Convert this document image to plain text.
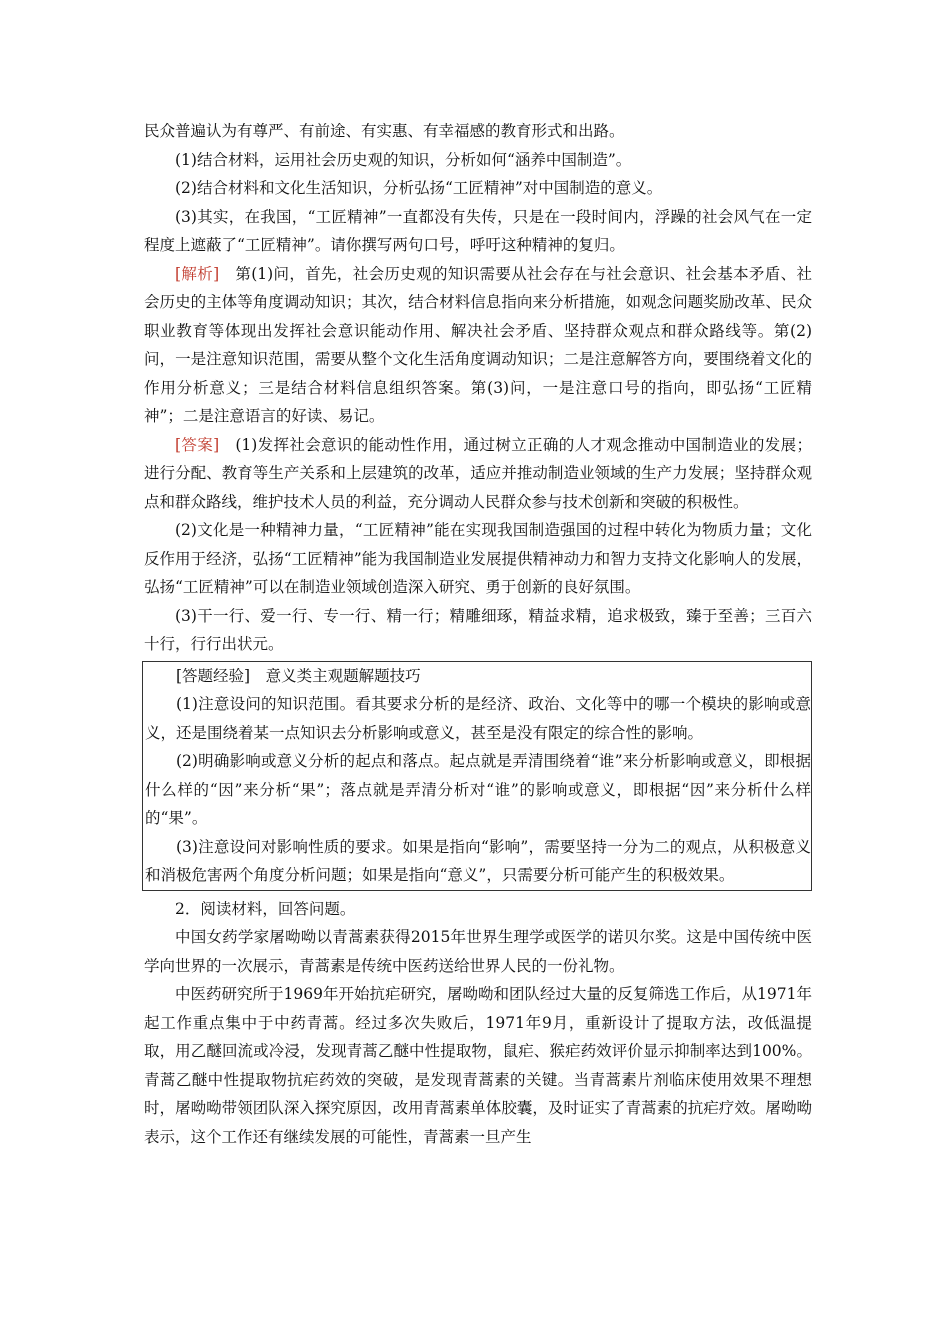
民众普遍认为有尊严、有前途、有实惠、有幸福感的教育形式和出路。

(1)结合材料，运用社会历史观的知识，分析如何“涵养中国制造”。

(2)结合材料和文化生活知识，分析弘扬“工匠精神”对中国制造的意义。

(3)其实，在我国，“工匠精神”一直都没有失传，只是在一段时间内，浮躁的社会风气在一定程度上遮蔽了“工匠精神”。请你撰写两句口号，呼吁这种精神的复归。

[解析]　 第(1)问，首先，社会历史观的知识需要从社会存在与社会意识、社会基本矛盾、社会历史的主体等角度调动知识；其次，结合材料信息指向来分析措施，如观念问题奖励改革、民众职业教育等体现出发挥社会意识能动作用、解决社会矛盾、坚持群众观点和群众路线等。第(2)问，一是注意知识范围，需要从整个文化生活角度调动知识；二是注意解答方向，要围绕着文化的作用分析意义；三是结合材料信息组织答案。第(3)问，一是注意口号的指向，即弘扬“工匠精神”；二是注意语言的好读、易记。

[答案]　 (1)发挥社会意识的能动性作用，通过树立正确的人才观念推动中国制造业的发展；进行分配、教育等生产关系和上层建筑的改革，适应并推动制造业领域的生产力发展；坚持群众观点和群众路线，维护技术人员的利益，充分调动人民群众参与技术创新和突破的积极性。

(2)文化是一种精神力量，“工匠精神”能在实现我国制造强国的过程中转化为物质力量；文化反作用于经济，弘扬“工匠精神”能为我国制造业发展提供精神动力和智力支持文化影响人的发展，弘扬“工匠精神”可以在制造业领域创造深入研究、勇于创新的良好氛围。

(3)干一行、爱一行、专一行、精一行；精雕细琢，精益求精，追求极致，臻于至善；三百六十行，行行出状元。

[答题经验]　意义类主观题解题技巧

(1)注意设问的知识范围。看其要求分析的是经济、政治、文化等中的哪一个模块的影响或意义，还是围绕着某一点知识去分析影响或意义，甚至是没有限定的综合性的影响。

(2)明确影响或意义分析的起点和落点。起点就是弄清围绕着“谁”来分析影响或意义，即根据什么样的“因”来分析“果”；落点就是弄清分析对“谁”的影响或意义，即根据“因”来分析什么样的“果”。

(3)注意设问对影响性质的要求。如果是指向“影响”，需要坚持一分为二的观点，从积极意义和消极危害两个角度分析问题；如果是指向“意义”，只需要分析可能产生的积极效果。

2．阅读材料，回答问题。

中国女药学家屠呦呦以青蒿素获得2015年世界生理学或医学的诺贝尔奖。这是中国传统中医学向世界的一次展示，青蒿素是传统中医药送给世界人民的一份礼物。

中医药研究所于1969年开始抗疟研究，屠呦呦和团队经过大量的反复筛选工作后，从1971年起工作重点集中于中药青蒿。经过多次失败后，1971年9月，重新设计了提取方法，改低温提取，用乙醚回流或冷浸，发现青蒿乙醚中性提取物，鼠疟、猴疟药效评价显示抑制率达到100%。青蒿乙醚中性提取物抗疟药效的突破，是发现青蒿素的关键。当青蒿素片剂临床使用效果不理想时，屠呦呦带领团队深入探究原因，改用青蒿素单体胶囊，及时证实了青蒿素的抗疟疗效。屠呦呦表示，这个工作还有继续发展的可能性，青蒿素一旦产生
